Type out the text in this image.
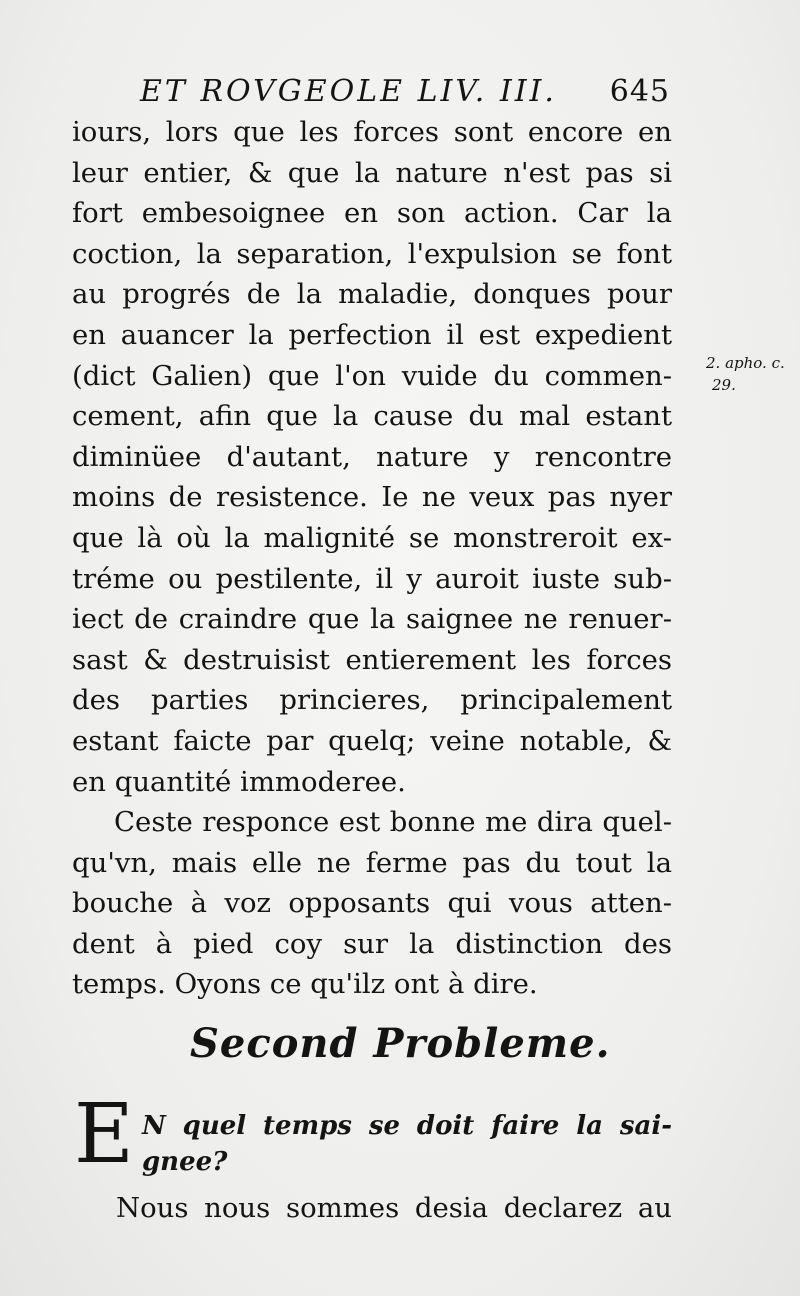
ET ROVGEOLE LIV. III. 645
iours, lors que les forces sont encore en
leur entier, & que la nature n'est pas si
fort embesoignee en son action. Car la
coction, la separation, l'expulsion se font
au progrés de la maladie, donques pour
en auancer la perfection il est expedient
(dict Galien) que l'on vuide du commen-
cement, afin que la cause du mal estant
diminüee d'autant, nature y rencontre
moins de resistence. Ie ne veux pas nyer
que là où la malignité se monstreroit ex-
tréme ou pestilente, il y auroit iuste sub-
iect de craindre que la saignee ne renuer-
sast & destruisist entierement les forces
des parties princieres, principalement
estant faicte par quelq; veine notable, &
en quantité immoderee.
Ceste responce est bonne me dira quel-
qu'vn, mais elle ne ferme pas du tout la
bouche à voz opposants qui vous atten-
dent à pied coy sur la distinction des
temps. Oyons ce qu'ilz ont à dire.
2. apho. c.
29.
Second Probleme.
E N quel temps se doit faire la sai-
gnee?
Nous nous sommes desia declarez au
